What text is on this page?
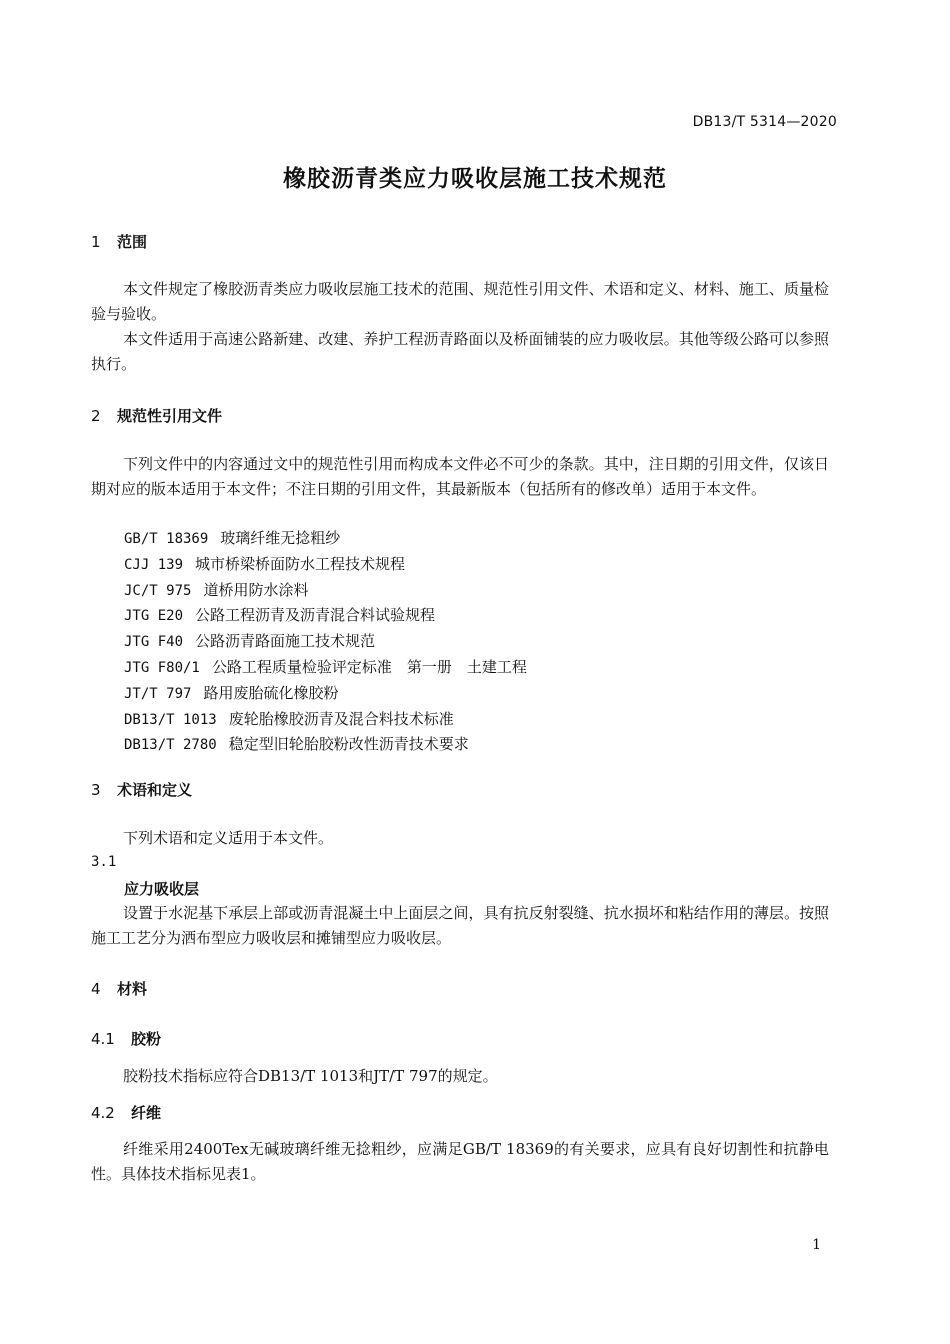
DB13/T 5314—2020
橡胶沥青类应力吸收层施工技术规范
1 范围

本文件规定了橡胶沥青类应力吸收层施工技术的范围、规范性引用文件、术语和定义、材料、施工、质量检验与验收。

本文件适用于高速公路新建、改建、养护工程沥青路面以及桥面铺装的应力吸收层。其他等级公路可以参照执行。

2 规范性引用文件

下列文件中的内容通过文中的规范性引用而构成本文件必不可少的条款。其中，注日期的引用文件，仅该日期对应的版本适用于本文件；不注日期的引用文件，其最新版本（包括所有的修改单）适用于本文件。

GB/T 18369 玻璃纤维无捻粗纱
CJJ 139 城市桥梁桥面防水工程技术规程
JC/T 975 道桥用防水涂料
JTG E20 公路工程沥青及沥青混合料试验规程
JTG F40 公路沥青路面施工技术规范
JTG F80/1 公路工程质量检验评定标准　第一册　土建工程
JT/T 797 路用废胎硫化橡胶粉
DB13/T 1013 废轮胎橡胶沥青及混合料技术标准
DB13/T 2780 稳定型旧轮胎胶粉改性沥青技术要求
3 术语和定义

下列术语和定义适用于本文件。

3.1
应力吸收层

设置于水泥基下承层上部或沥青混凝土中上面层之间，具有抗反射裂缝、抗水损坏和粘结作用的薄层。按照施工工艺分为洒布型应力吸收层和摊铺型应力吸收层。

4 材料
4.1 胶粉

胶粉技术指标应符合DB13/T 1013和JT/T 797的规定。

4.2 纤维

纤维采用2400Tex无碱玻璃纤维无捻粗纱，应满足GB/T 18369的有关要求，应具有良好切割性和抗静电性。具体技术指标见表1。

1
